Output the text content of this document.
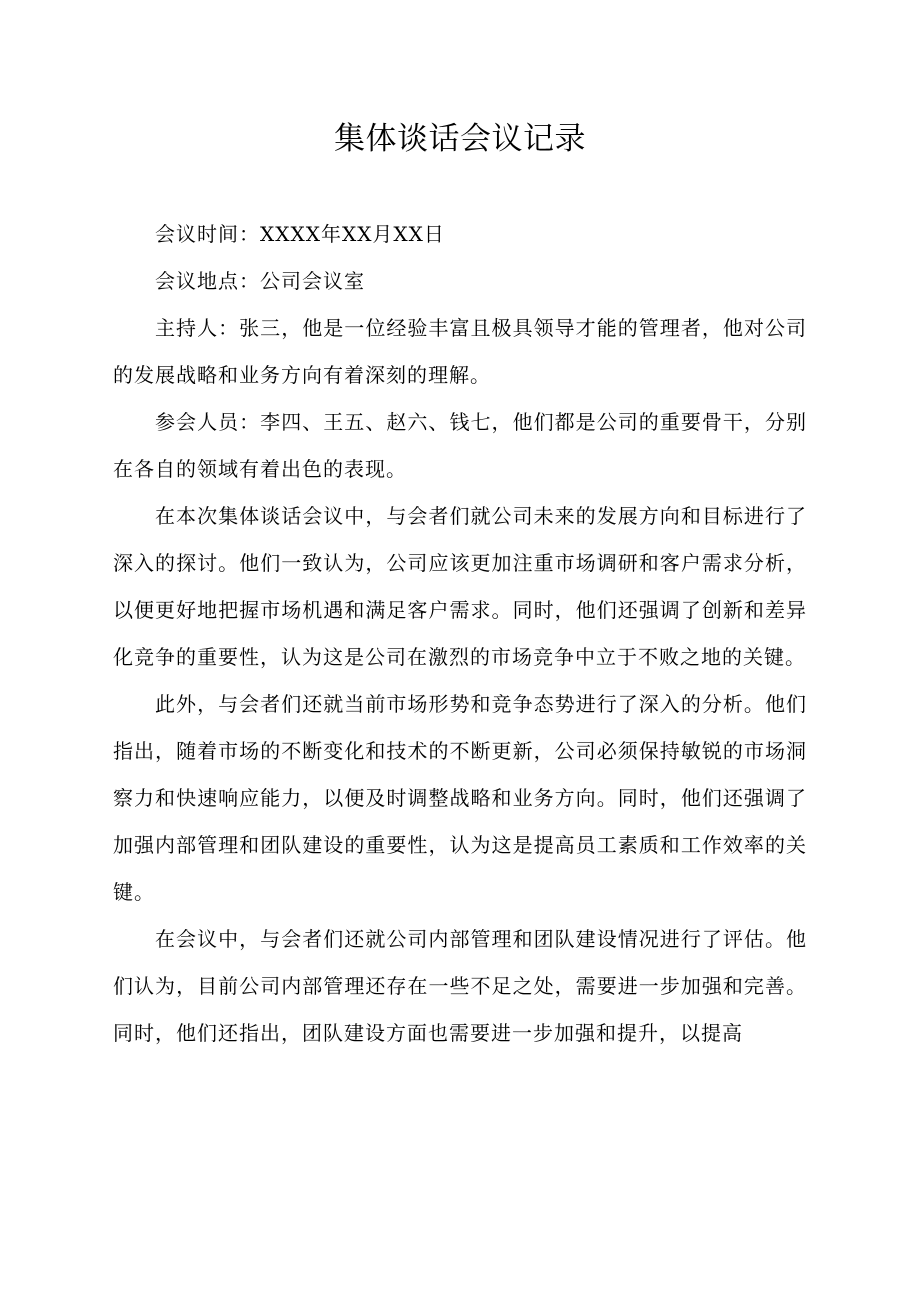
集体谈话会议记录

会议时间：XXXX年XX月XX日

会议地点：公司会议室

主持人：张三，他是一位经验丰富且极具领导才能的管理者，他对公司的发展战略和业务方向有着深刻的理解。

参会人员：李四、王五、赵六、钱七，他们都是公司的重要骨干，分别在各自的领域有着出色的表现。

在本次集体谈话会议中，与会者们就公司未来的发展方向和目标进行了深入的探讨。他们一致认为，公司应该更加注重市场调研和客户需求分析，以便更好地把握市场机遇和满足客户需求。同时，他们还强调了创新和差异化竞争的重要性，认为这是公司在激烈的市场竞争中立于不败之地的关键。

此外，与会者们还就当前市场形势和竞争态势进行了深入的分析。他们指出，随着市场的不断变化和技术的不断更新，公司必须保持敏锐的市场洞察力和快速响应能力，以便及时调整战略和业务方向。同时，他们还强调了加强内部管理和团队建设的重要性，认为这是提高员工素质和工作效率的关键。

在会议中，与会者们还就公司内部管理和团队建设情况进行了评估。他们认为，目前公司内部管理还存在一些不足之处，需要进一步加强和完善。同时，他们还指出，团队建设方面也需要进一步加强和提升，以提高
